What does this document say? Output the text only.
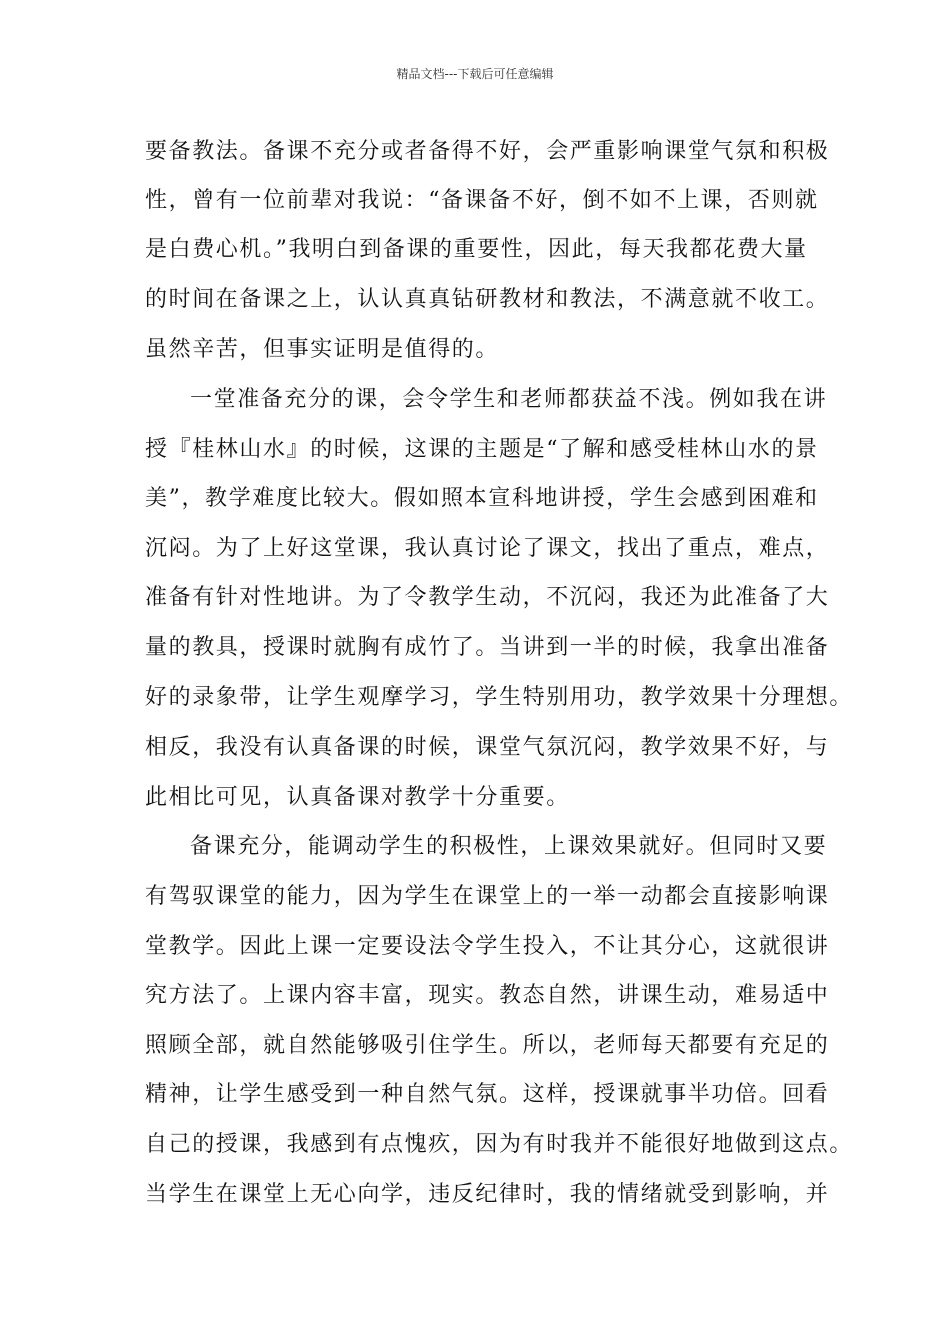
精品文档---下载后可任意编辑
要备教法。备课不充分或者备得不好，会严重影响课堂气氛和积极
性，曾有一位前辈对我说：“备课备不好，倒不如不上课，否则就
是白费心机。”我明白到备课的重要性，因此，每天我都花费大量
的时间在备课之上，认认真真钻研教材和教法，不满意就不收工。
虽然辛苦，但事实证明是值得的。
一堂准备充分的课，会令学生和老师都获益不浅。例如我在讲
授『桂林山水』的时候，这课的主题是“了解和感受桂林山水的景
美”，教学难度比较大。假如照本宣科地讲授，学生会感到困难和
沉闷。为了上好这堂课，我认真讨论了课文，找出了重点，难点，
准备有针对性地讲。为了令教学生动，不沉闷，我还为此准备了大
量的教具，授课时就胸有成竹了。当讲到一半的时候，我拿出准备
好的录象带，让学生观摩学习，学生特别用功，教学效果十分理想。
相反，我没有认真备课的时候，课堂气氛沉闷，教学效果不好，与
此相比可见，认真备课对教学十分重要。
备课充分，能调动学生的积极性，上课效果就好。但同时又要
有驾驭课堂的能力，因为学生在课堂上的一举一动都会直接影响课
堂教学。因此上课一定要设法令学生投入，不让其分心，这就很讲
究方法了。上课内容丰富，现实。教态自然，讲课生动，难易适中
照顾全部，就自然能够吸引住学生。所以，老师每天都要有充足的
精神，让学生感受到一种自然气氛。这样，授课就事半功倍。回看
自己的授课，我感到有点愧疚，因为有时我并不能很好地做到这点。
当学生在课堂上无心向学，违反纪律时，我的情绪就受到影响，并
